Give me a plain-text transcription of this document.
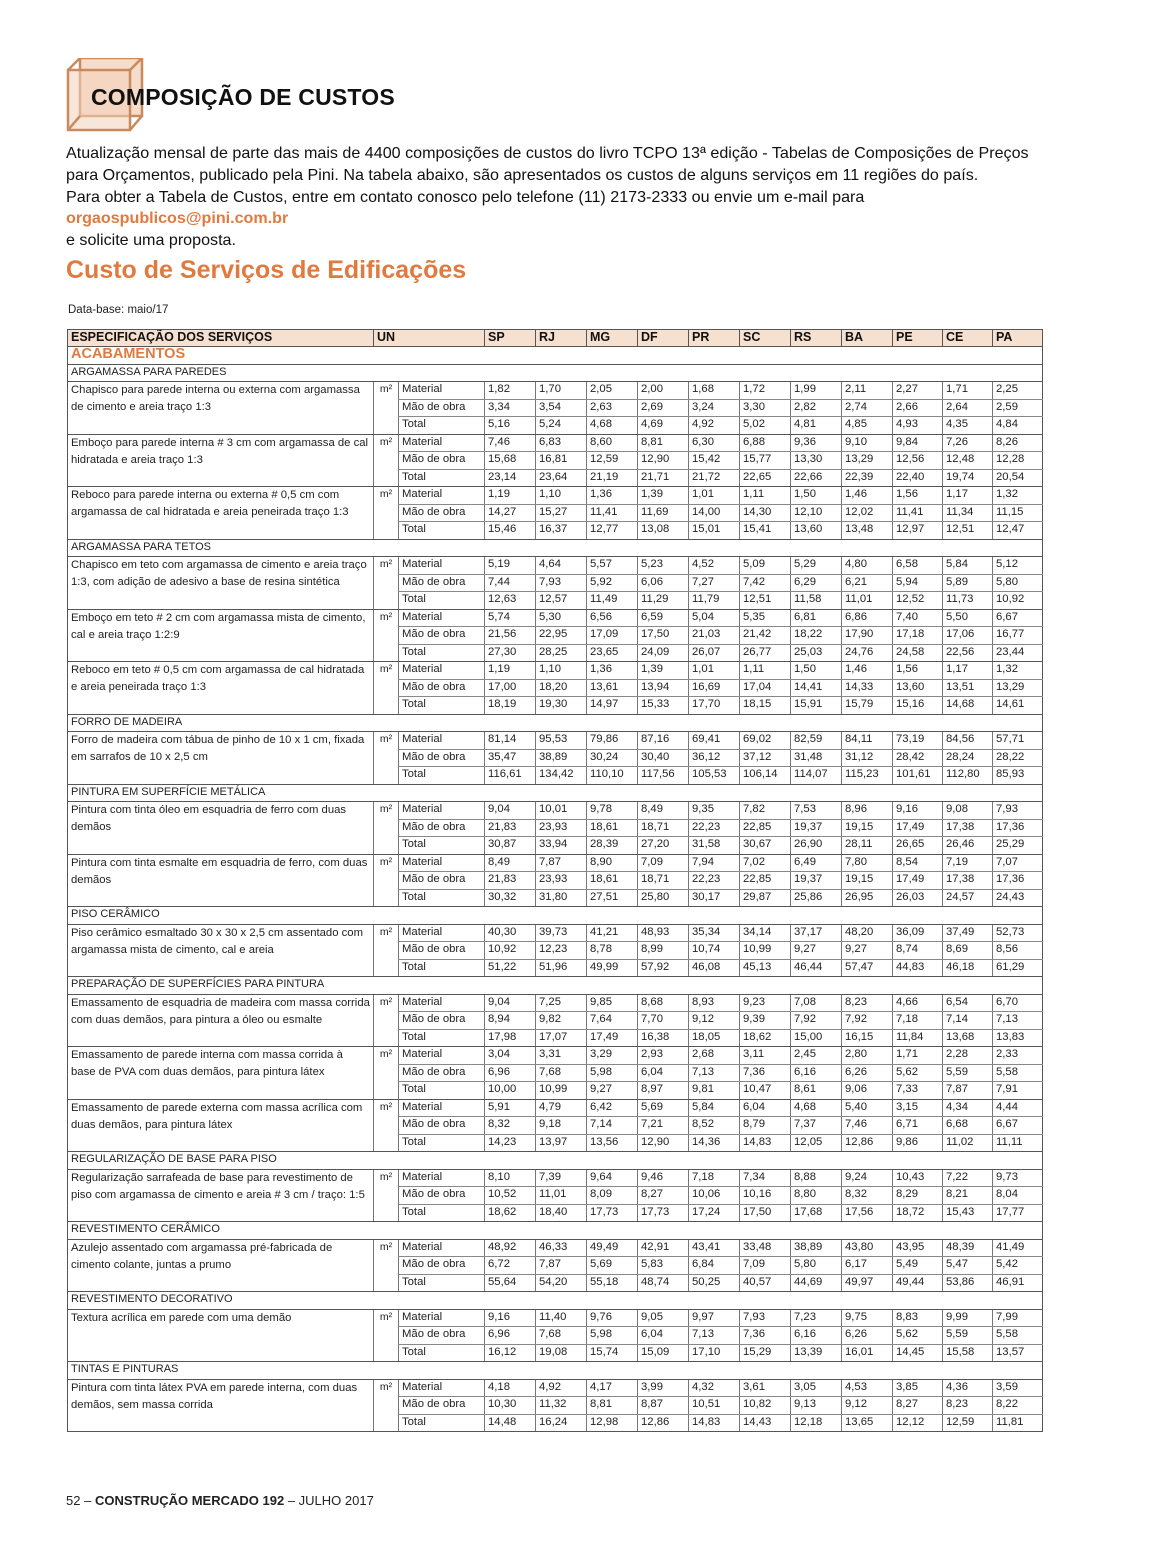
COMPOSIÇÃO DE CUSTOS

Atualização mensal de parte das mais de 4400 composições de custos do livro TCPO 13ª edição - Tabelas de Composições de Preços para Orçamentos, publicado pela Pini. Na tabela abaixo, são apresentados os custos de alguns serviços em 11 regiões do país.
Para obter a Tabela de Custos, entre em contato conosco pelo telefone (11) 2173-2333 ou envie um e-mail para orgaospublicos@pini.com.br
e solicite uma proposta.

Custo de Serviços de Edificações
Data-base: maio/17
ESPECIFICAÇÃO DOS SERVIÇOS	UN		SP	RJ	MG	DF	PR	SC	RS	BA	PE	CE	PA
ACABAMENTOS													
ARGAMASSA PARA PAREDES													
Chapisco para parede interna ou externa com argamassa de cimento e areia traço 1:3	m²	Material	1,82	1,70	2,05	2,00	1,68	1,72	1,99	2,11	2,27	1,71	2,25
		Mão de obra	3,34	3,54	2,63	2,69	3,24	3,30	2,82	2,74	2,66	2,64	2,59
		Total	5,16	5,24	4,68	4,69	4,92	5,02	4,81	4,85	4,93	4,35	4,84
Emboço para parede interna # 3 cm com argamassa de cal hidratada e areia traço 1:3	m²	Material	7,46	6,83	8,60	8,81	6,30	6,88	9,36	9,10	9,84	7,26	8,26
		Mão de obra	15,68	16,81	12,59	12,90	15,42	15,77	13,30	13,29	12,56	12,48	12,28
		Total	23,14	23,64	21,19	21,71	21,72	22,65	22,66	22,39	22,40	19,74	20,54
Reboco para parede interna ou externa # 0,5 cm com argamassa de cal hidratada e areia peneirada traço 1:3	m²	Material	1,19	1,10	1,36	1,39	1,01	1,11	1,50	1,46	1,56	1,17	1,32
		Mão de obra	14,27	15,27	11,41	11,69	14,00	14,30	12,10	12,02	11,41	11,34	11,15
		Total	15,46	16,37	12,77	13,08	15,01	15,41	13,60	13,48	12,97	12,51	12,47
ARGAMASSA PARA TETOS													
Chapisco em teto com argamassa de cimento e areia traço 1:3, com adição de adesivo a base de resina sintética	m²	Material	5,19	4,64	5,57	5,23	4,52	5,09	5,29	4,80	6,58	5,84	5,12
		Mão de obra	7,44	7,93	5,92	6,06	7,27	7,42	6,29	6,21	5,94	5,89	5,80
		Total	12,63	12,57	11,49	11,29	11,79	12,51	11,58	11,01	12,52	11,73	10,92
Emboço em teto # 2 cm com argamassa mista de cimento, cal e areia traço 1:2:9	m²	Material	5,74	5,30	6,56	6,59	5,04	5,35	6,81	6,86	7,40	5,50	6,67
		Mão de obra	21,56	22,95	17,09	17,50	21,03	21,42	18,22	17,90	17,18	17,06	16,77
		Total	27,30	28,25	23,65	24,09	26,07	26,77	25,03	24,76	24,58	22,56	23,44
Reboco em teto # 0,5 cm com argamassa de cal hidratada e areia peneirada traço 1:3	m²	Material	1,19	1,10	1,36	1,39	1,01	1,11	1,50	1,46	1,56	1,17	1,32
		Mão de obra	17,00	18,20	13,61	13,94	16,69	17,04	14,41	14,33	13,60	13,51	13,29
		Total	18,19	19,30	14,97	15,33	17,70	18,15	15,91	15,79	15,16	14,68	14,61
FORRO DE MADEIRA													
Forro de madeira com tábua de pinho de 10 x 1 cm, fixada em sarrafos de 10 x 2,5 cm	m²	Material	81,14	95,53	79,86	87,16	69,41	69,02	82,59	84,11	73,19	84,56	57,71
		Mão de obra	35,47	38,89	30,24	30,40	36,12	37,12	31,48	31,12	28,42	28,24	28,22
		Total	116,61	134,42	110,10	117,56	105,53	106,14	114,07	115,23	101,61	112,80	85,93
PINTURA EM SUPERFÍCIE METÁLICA													
Pintura com tinta óleo em esquadria de ferro com duas demãos	m²	Material	9,04	10,01	9,78	8,49	9,35	7,82	7,53	8,96	9,16	9,08	7,93
		Mão de obra	21,83	23,93	18,61	18,71	22,23	22,85	19,37	19,15	17,49	17,38	17,36
		Total	30,87	33,94	28,39	27,20	31,58	30,67	26,90	28,11	26,65	26,46	25,29
Pintura com tinta esmalte em esquadria de ferro, com duas demãos	m²	Material	8,49	7,87	8,90	7,09	7,94	7,02	6,49	7,80	8,54	7,19	7,07
		Mão de obra	21,83	23,93	18,61	18,71	22,23	22,85	19,37	19,15	17,49	17,38	17,36
		Total	30,32	31,80	27,51	25,80	30,17	29,87	25,86	26,95	26,03	24,57	24,43
PISO CERÂMICO													
Piso cerâmico esmaltado 30 x 30 x 2,5 cm assentado com argamassa mista de cimento, cal e areia	m²	Material	40,30	39,73	41,21	48,93	35,34	34,14	37,17	48,20	36,09	37,49	52,73
		Mão de obra	10,92	12,23	8,78	8,99	10,74	10,99	9,27	9,27	8,74	8,69	8,56
		Total	51,22	51,96	49,99	57,92	46,08	45,13	46,44	57,47	44,83	46,18	61,29
PREPARAÇÃO DE SUPERFÍCIES PARA PINTURA													
Emassamento de esquadria de madeira com massa corrida com duas demãos, para pintura a óleo ou esmalte	m²	Material	9,04	7,25	9,85	8,68	8,93	9,23	7,08	8,23	4,66	6,54	6,70
		Mão de obra	8,94	9,82	7,64	7,70	9,12	9,39	7,92	7,92	7,18	7,14	7,13
		Total	17,98	17,07	17,49	16,38	18,05	18,62	15,00	16,15	11,84	13,68	13,83
Emassamento de parede interna com massa corrida à base de PVA com duas demãos, para pintura látex	m²	Material	3,04	3,31	3,29	2,93	2,68	3,11	2,45	2,80	1,71	2,28	2,33
		Mão de obra	6,96	7,68	5,98	6,04	7,13	7,36	6,16	6,26	5,62	5,59	5,58
		Total	10,00	10,99	9,27	8,97	9,81	10,47	8,61	9,06	7,33	7,87	7,91
Emassamento de parede externa com massa acrílica com duas demãos, para pintura látex	m²	Material	5,91	4,79	6,42	5,69	5,84	6,04	4,68	5,40	3,15	4,34	4,44
		Mão de obra	8,32	9,18	7,14	7,21	8,52	8,79	7,37	7,46	6,71	6,68	6,67
		Total	14,23	13,97	13,56	12,90	14,36	14,83	12,05	12,86	9,86	11,02	11,11
REGULARIZAÇÃO DE BASE PARA PISO													
Regularização sarrafeada de base para revestimento de piso com argamassa de cimento e areia # 3 cm / traço: 1:5	m²	Material	8,10	7,39	9,64	9,46	7,18	7,34	8,88	9,24	10,43	7,22	9,73
		Mão de obra	10,52	11,01	8,09	8,27	10,06	10,16	8,80	8,32	8,29	8,21	8,04
		Total	18,62	18,40	17,73	17,73	17,24	17,50	17,68	17,56	18,72	15,43	17,77
REVESTIMENTO CERÂMICO													
Azulejo assentado com argamassa pré-fabricada de cimento colante, juntas a prumo	m²	Material	48,92	46,33	49,49	42,91	43,41	33,48	38,89	43,80	43,95	48,39	41,49
		Mão de obra	6,72	7,87	5,69	5,83	6,84	7,09	5,80	6,17	5,49	5,47	5,42
		Total	55,64	54,20	55,18	48,74	50,25	40,57	44,69	49,97	49,44	53,86	46,91
REVESTIMENTO DECORATIVO													
Textura acrílica em parede com uma demão	m²	Material	9,16	11,40	9,76	9,05	9,97	7,93	7,23	9,75	8,83	9,99	7,99
		Mão de obra	6,96	7,68	5,98	6,04	7,13	7,36	6,16	6,26	5,62	5,59	5,58
		Total	16,12	19,08	15,74	15,09	17,10	15,29	13,39	16,01	14,45	15,58	13,57
TINTAS E PINTURAS													
Pintura com tinta látex PVA em parede interna, com duas demãos, sem massa corrida	m²	Material	4,18	4,92	4,17	3,99	4,32	3,61	3,05	4,53	3,85	4,36	3,59
		Mão de obra	10,30	11,32	8,81	8,87	10,51	10,82	9,13	9,12	8,27	8,23	8,22
		Total	14,48	16,24	12,98	12,86	14,83	14,43	12,18	13,65	12,12	12,59	11,81
52 – CONSTRUÇÃO MERCADO 192 – JULHO 2017
